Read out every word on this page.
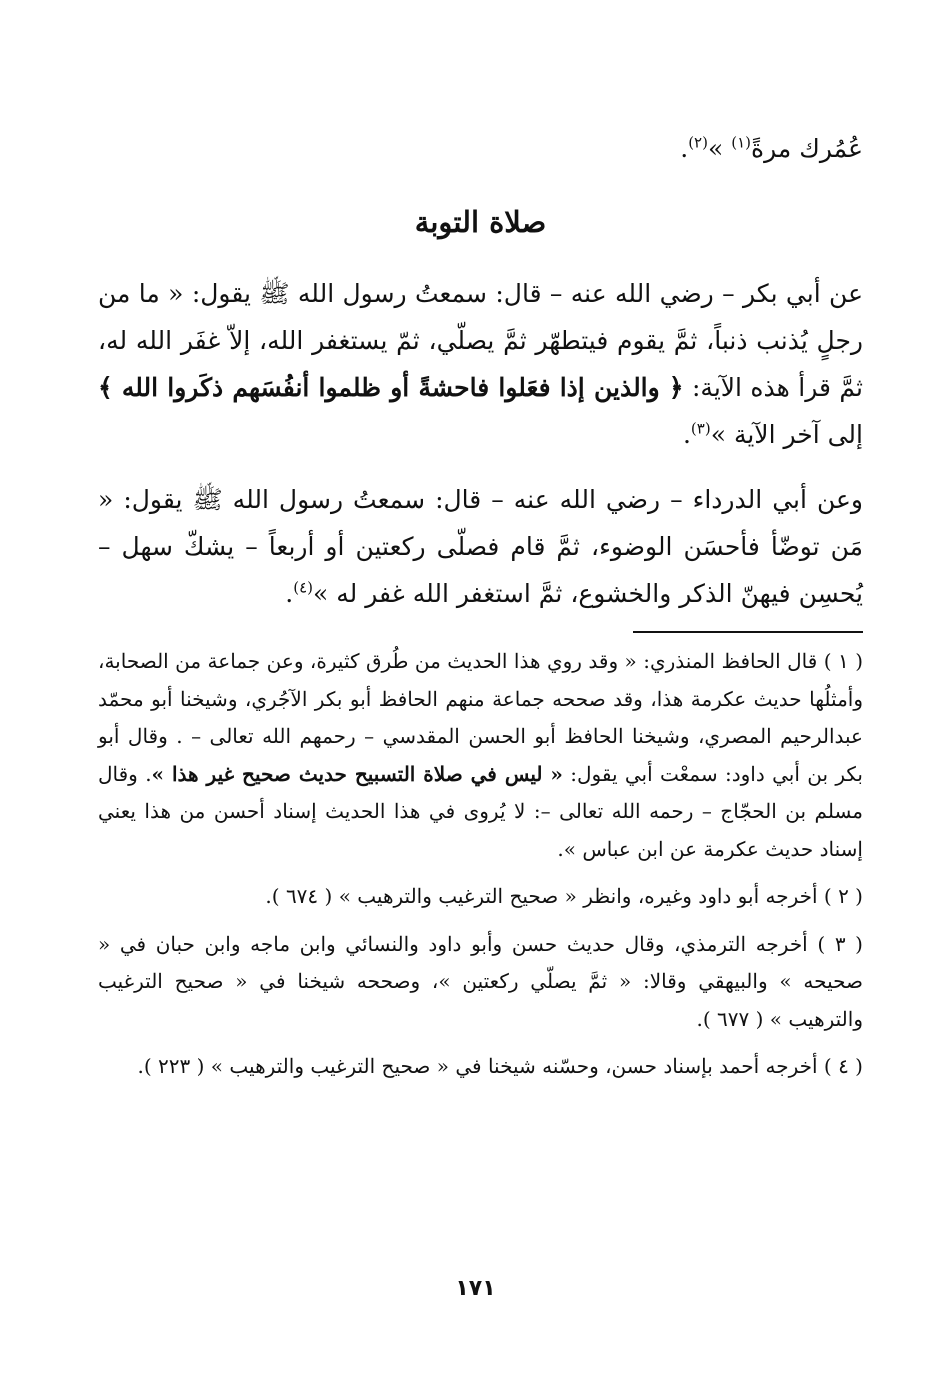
عُمُرك مرةً$^{(١)}$ »$^{(٢)}$.

صلاة التوبة

عن أبي بكر – رضي الله عنه – قال: سمعتُ رسول الله ﷺ يقول: « ما من رجلٍ يُذنب ذنباً، ثمَّ يقوم فيتطهّر ثمَّ يصلّي، ثمّ يستغفر الله، إلاّ غفَر الله له، ثمَّ قرأ هذه الآية: ﴿ والذين إذا فعَلوا فاحشةً أو ظلموا أنفُسَهم ذكَروا الله ﴾ إلى آخر الآية »$^{(٣)}$.

وعن أبي الدرداء – رضي الله عنه – قال: سمعتُ رسول الله ﷺ يقول: « مَن توضّأ فأحسَن الوضوء، ثمَّ قام فصلّى ركعتين أو أربعاً – يشكّ سهل – يُحسِن فيهنّ الذكر والخشوع، ثمَّ استغفر الله غفر له »$^{(٤)}$.

( ١ ) قال الحافظ المنذري: « وقد روي هذا الحديث من طُرق كثيرة، وعن جماعة من الصحابة، وأمثلُها حديث عكرمة هذا، وقد صححه جماعة منهم الحافظ أبو بكر الآجُري، وشيخنا أبو محمّد عبدالرحيم المصري، وشيخنا الحافظ أبو الحسن المقدسي – رحمهم الله تعالى – . وقال أبو بكر بن أبي داود: سمعْت أبي يقول: « ليس في صلاة التسبيح حديث صحيح غير هذا ». وقال مسلم بن الحجّاج – رحمه الله تعالى –: لا يُروى في هذا الحديث إسناد أحسن من هذا يعني إسناد حديث عكرمة عن ابن عباس ».

( ٢ ) أخرجه أبو داود وغيره، وانظر « صحيح الترغيب والترهيب » ( ٦٧٤ ).

( ٣ ) أخرجه الترمذي، وقال حديث حسن وأبو داود والنسائي وابن ماجه وابن حبان في « صحيحه » والبيهقي وقالا: « ثمَّ يصلّي ركعتين »، وصححه شيخنا في « صحيح الترغيب والترهيب » ( ٦٧٧ ).

( ٤ ) أخرجه أحمد بإسناد حسن، وحسّنه شيخنا في « صحيح الترغيب والترهيب » ( ٢٢٣ ).

١٧١
